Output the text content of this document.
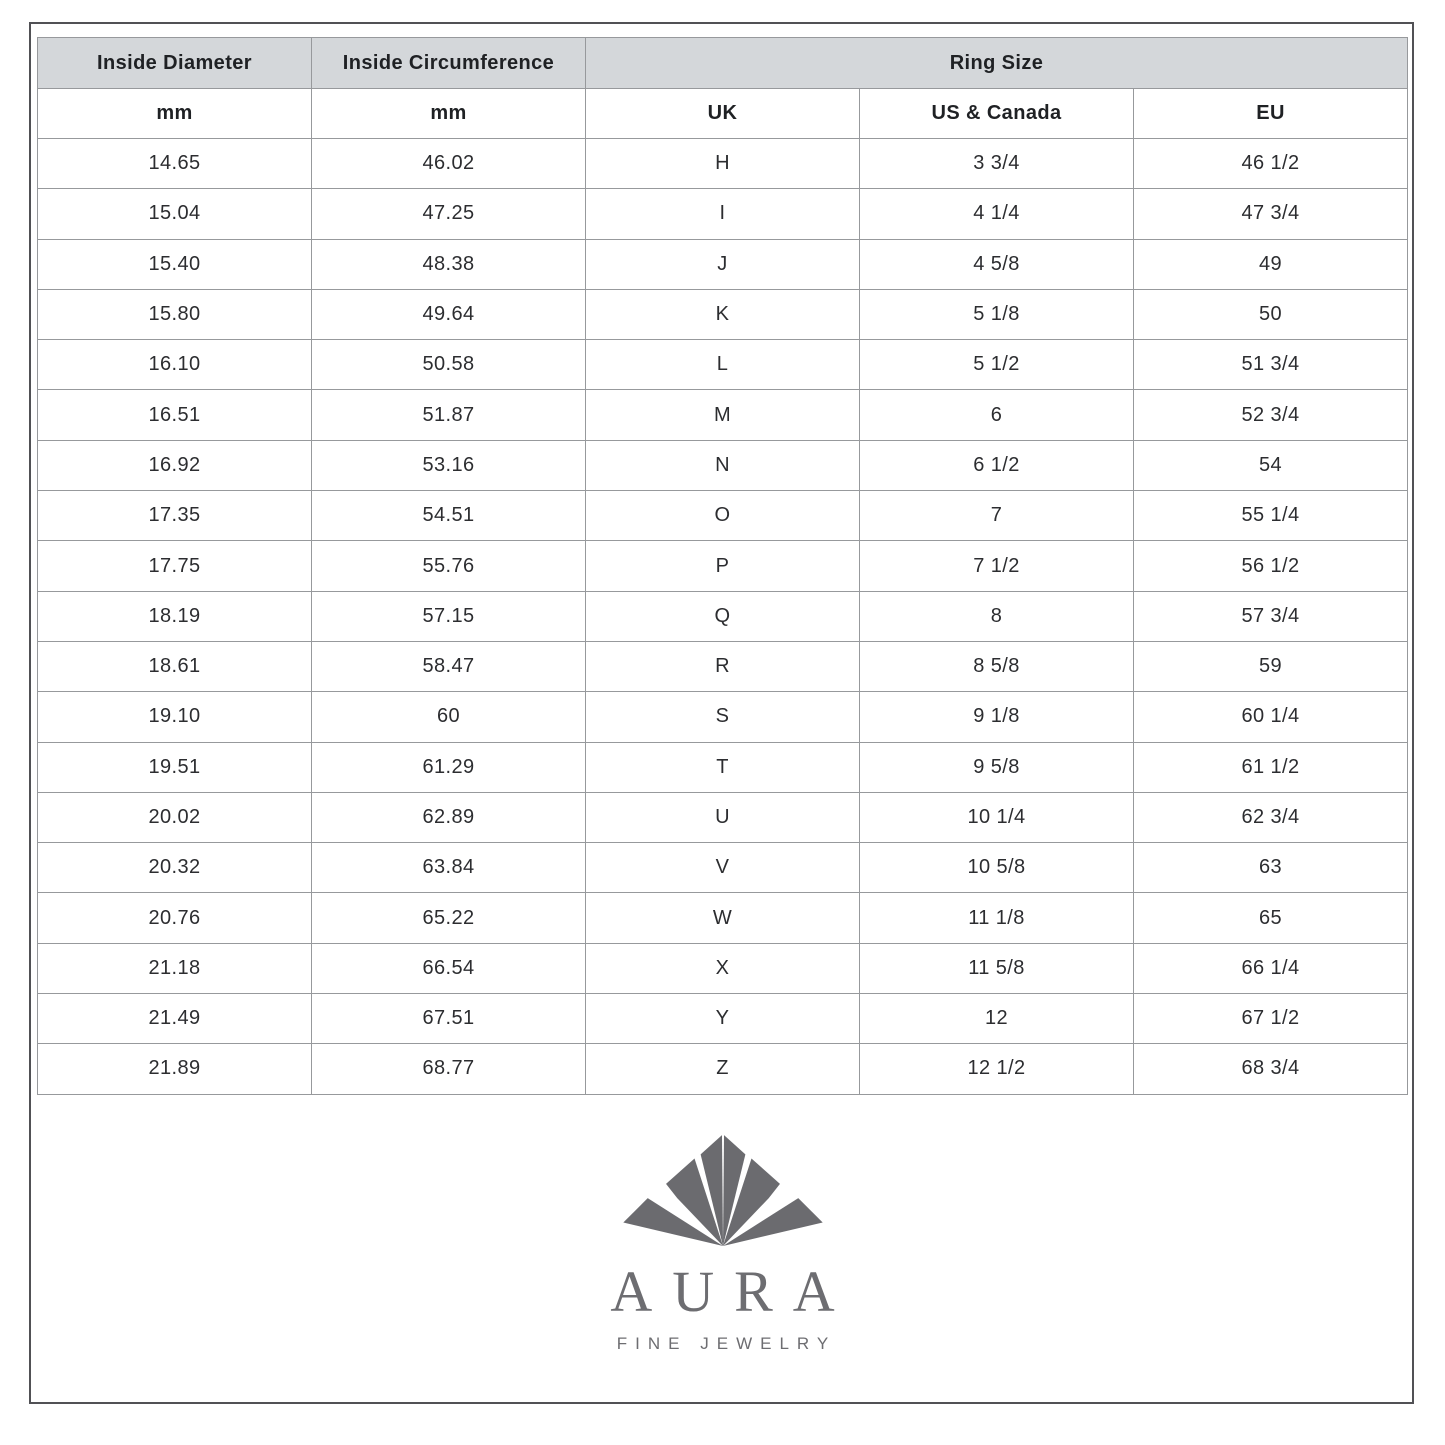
Inside Diameter	Inside Circumference	Ring Size		
mm	mm	UK	US & Canada	EU
14.65	46.02	H	3 3/4	46 1/2
15.04	47.25	I	4 1/4	47 3/4
15.40	48.38	J	4 5/8	49
15.80	49.64	K	5 1/8	50
16.10	50.58	L	5 1/2	51 3/4
16.51	51.87	M	6	52 3/4
16.92	53.16	N	6 1/2	54
17.35	54.51	O	7	55 1/4
17.75	55.76	P	7 1/2	56 1/2
18.19	57.15	Q	8	57 3/4
18.61	58.47	R	8 5/8	59
19.10	60	S	9 1/8	60 1/4
19.51	61.29	T	9 5/8	61 1/2
20.02	62.89	U	10 1/4	62 3/4
20.32	63.84	V	10 5/8	63
20.76	65.22	W	11 1/8	65
21.18	66.54	X	11 5/8	66 1/4
21.49	67.51	Y	12	67 1/2
21.89	68.77	Z	12 1/2	68 3/4
AURA
FINE JEWELRY
